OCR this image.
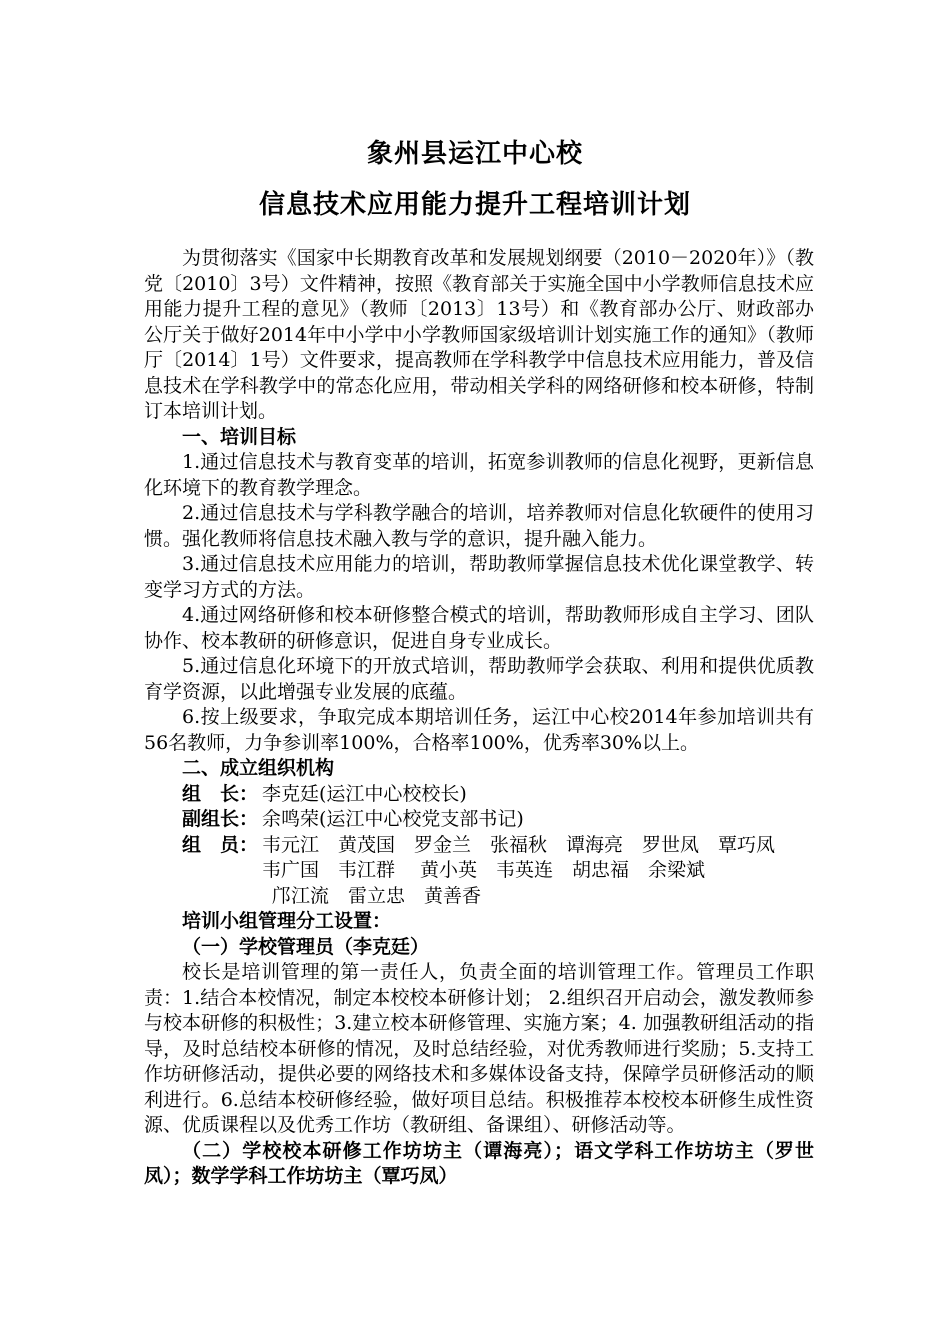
象州县运江中心校
信息技术应用能力提升工程培训计划

为贯彻落实《国家中长期教育改革和发展规划纲要（2010－2020年）》（教党〔2010〕3号）文件精神，按照《教育部关于实施全国中小学教师信息技术应用能力提升工程的意见》（教师〔2013〕13号）和《教育部办公厅、财政部办公厅关于做好2014年中小学中小学教师国家级培训计划实施工作的通知》（教师厅〔2014〕1号）文件要求，提高教师在学科教学中信息技术应用能力，普及信息技术在学科教学中的常态化应用，带动相关学科的网络研修和校本研修，特制订本培训计划。

一、培训目标

1.通过信息技术与教育变革的培训，拓宽参训教师的信息化视野，更新信息化环境下的教育教学理念。

2.通过信息技术与学科教学融合的培训，培养教师对信息化软硬件的使用习惯。强化教师将信息技术融入教与学的意识，提升融入能力。

3.通过信息技术应用能力的培训，帮助教师掌握信息技术优化课堂教学、转变学习方式的方法。

4.通过网络研修和校本研修整合模式的培训，帮助教师形成自主学习、团队协作、校本教研的研修意识，促进自身专业成长。

5.通过信息化环境下的开放式培训，帮助教师学会获取、利用和提供优质教育学资源，以此增强专业发展的底蕴。

6.按上级要求，争取完成本期培训任务，运江中心校2014年参加培训共有56名教师，力争参训率100%，合格率100%，优秀率30%以上。

二、成立组织机构

组　长： 李克廷(运江中心校校长)

副组长： 余鸣荣(运江中心校党支部书记)

组　员： 韦元江　黄茂国　罗金兰　张福秋　谭海亮　罗世凤　覃巧凤

韦广国　韦江群　 黄小英　韦英连　胡忠福　余梁斌

邝江流　雷立忠　黄善香

培训小组管理分工设置：

（一）学校管理员（李克廷）

校长是培训管理的第一责任人，负责全面的培训管理工作。管理员工作职责：1.结合本校情况，制定本校校本研修计划； 2.组织召开启动会，激发教师参与校本研修的积极性；3.建立校本研修管理、实施方案；4. 加强教研组活动的指导，及时总结校本研修的情况，及时总结经验，对优秀教师进行奖励；5.支持工作坊研修活动，提供必要的网络技术和多媒体设备支持，保障学员研修活动的顺利进行。6.总结本校研修经验，做好项目总结。积极推荐本校校本研修生成性资源、优质课程以及优秀工作坊（教研组、备课组）、研修活动等。

（二）学校校本研修工作坊坊主（谭海亮）；语文学科工作坊坊主（罗世凤）；数学学科工作坊坊主（覃巧凤）
